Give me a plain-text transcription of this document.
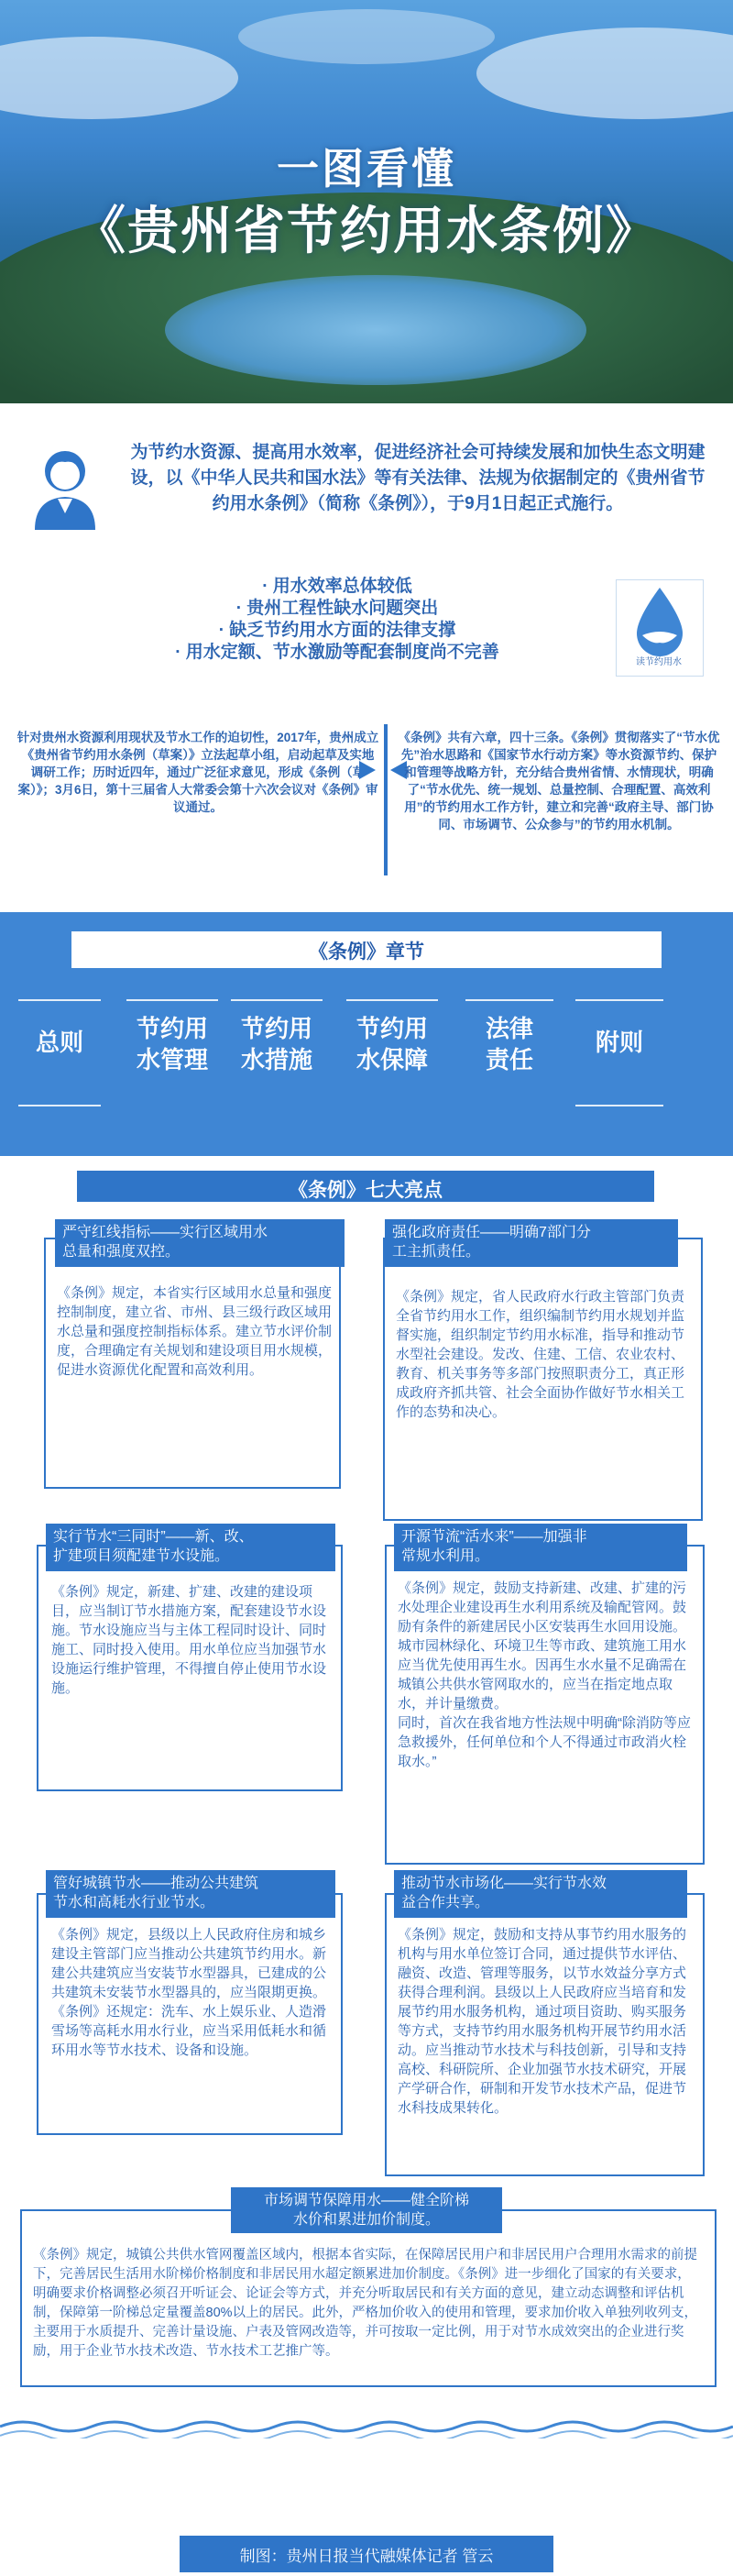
一图看懂
《贵州省节约用水条例》
为节约水资源、提高用水效率，促进经济社会可持续发展和加快生态文明建设，以《中华人民共和国水法》等有关法律、法规为依据制定的《贵州省节约用水条例》（简称《条例》），于9月1日起正式施行。
· 用水效率总体较低
· 贵州工程性缺水问题突出
· 缺乏节约用水方面的法律支撑
· 用水定额、节水激励等配套制度尚不完善
读节约用水
针对贵州水资源利用现状及节水工作的迫切性，2017年，贵州成立《贵州省节约用水条例（草案）》立法起草小组，启动起草及实地调研工作；历时近四年，通过广泛征求意见，形成《条例（草案）》；3月6日，第十三届省人大常委会第十六次会议对《条例》审议通过。
《条例》共有六章，四十三条。《条例》贯彻落实了“节水优先”治水思路和《国家节水行动方案》等水资源节约、保护和管理等战略方针，充分结合贵州省情、水情现状，明确了“节水优先、统一规划、总量控制、合理配置、高效利用”的节约用水工作方针，建立和完善“政府主导、部门协同、市场调节、公众参与”的节约用水机制。
《条例》章节
总则	节约用
水管理
节约用
水措施
节约用
水保障
法律
责任
附则
《条例》七大亮点
严守红线指标——实行区域用水
总量和强度双控。
《条例》规定，本省实行区域用水总量和强度控制制度，建立省、市州、县三级行政区域用水总量和强度控制指标体系。建立节水评价制度，合理确定有关规划和建设项目用水规模，促进水资源优化配置和高效利用。
强化政府责任——明确7部门分
工主抓责任。
《条例》规定，省人民政府水行政主管部门负责全省节约用水工作，组织编制节约用水规划并监督实施，组织制定节约用水标准，指导和推动节水型社会建设。发改、住建、工信、农业农村、教育、机关事务等多部门按照职责分工，真正形成政府齐抓共管、社会全面协作做好节水相关工作的态势和决心。
实行节水“三同时”——新、改、
扩建项目须配建节水设施。
《条例》规定，新建、扩建、改建的建设项目，应当制订节水措施方案，配套建设节水设施。节水设施应当与主体工程同时设计、同时施工、同时投入使用。用水单位应当加强节水设施运行维护管理，不得擅自停止使用节水设施。
开源节流“活水来”——加强非
常规水利用。
《条例》规定，鼓励支持新建、改建、扩建的污水处理企业建设再生水利用系统及输配管网。鼓励有条件的新建居民小区安装再生水回用设施。城市园林绿化、环境卫生等市政、建筑施工用水应当优先使用再生水。因再生水水量不足确需在城镇公共供水管网取水的，应当在指定地点取水，并计量缴费。
同时，首次在我省地方性法规中明确“除消防等应急救援外，任何单位和个人不得通过市政消火栓取水。”
管好城镇节水——推动公共建筑
节水和高耗水行业节水。
《条例》规定，县级以上人民政府住房和城乡建设主管部门应当推动公共建筑节约用水。新建公共建筑应当安装节水型器具，已建成的公共建筑未安装节水型器具的，应当限期更换。
《条例》还规定：洗车、水上娱乐业、人造滑雪场等高耗水用水行业，应当采用低耗水和循环用水等节水技术、设备和设施。
推动节水市场化——实行节水效
益合作共享。
《条例》规定，鼓励和支持从事节约用水服务的机构与用水单位签订合同，通过提供节水评估、融资、改造、管理等服务，以节水效益分享方式获得合理利润。县级以上人民政府应当培育和发展节约用水服务机构，通过项目资助、购买服务等方式，支持节约用水服务机构开展节约用水活动。应当推动节水技术与科技创新，引导和支持高校、科研院所、企业加强节水技术研究，开展产学研合作，研制和开发节水技术产品，促进节水科技成果转化。
市场调节保障用水——健全阶梯
水价和累进加价制度。
《条例》规定，城镇公共供水管网覆盖区域内，根据本省实际，在保障居民用户和非居民用户合理用水需求的前提下，完善居民生活用水阶梯价格制度和非居民用水超定额累进加价制度。《条例》进一步细化了国家的有关要求，明确要求价格调整必须召开听证会、论证会等方式，并充分听取居民和有关方面的意见，建立动态调整和评估机制，保障第一阶梯总定量覆盖80%以上的居民。此外，严格加价收入的使用和管理，要求加价收入单独列收列支，主要用于水质提升、完善计量设施、户表及管网改造等，并可按取一定比例，用于对节水成效突出的企业进行奖励，用于企业节水技术改造、节水技术工艺推广等。
制图：贵州日报当代融媒体记者 管云
